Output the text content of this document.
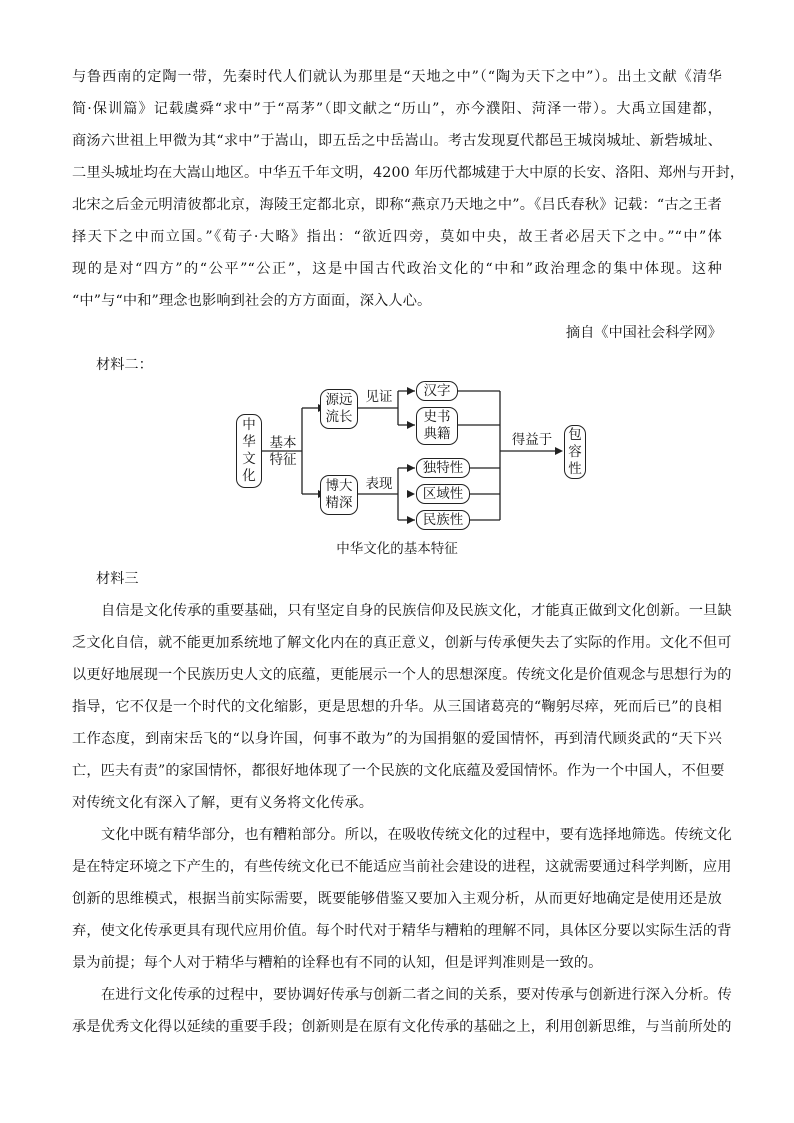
与鲁西南的定陶一带，先秦时代人们就认为那里是“天地之中”（“陶为天下之中”）。出土文献《清华
简·保训篇》记载虞舜“求中”于“鬲茅”（即文献之“历山”，亦今濮阳、菏泽一带）。大禹立国建都，
商汤六世祖上甲微为其“求中”于嵩山，即五岳之中岳嵩山。考古发现夏代都邑王城岗城址、新砦城址、
二里头城址均在大嵩山地区。中华五千年文明，4200 年历代都城建于大中原的长安、洛阳、郑州与开封，
北宋之后金元明清彼都北京，海陵王定都北京，即称“燕京乃天地之中”。《吕氏春秋》记载：“古之王者
择天下之中而立国。”《荀子·大略》指出：“欲近四旁，莫如中央，故王者必居天下之中。”“中”体
现的是对“四方”的“公平”“公正”，这是中国古代政治文化的“中和”政治理念的集中体现。这种
“中”与“中和”理念也影响到社会的方方面面，深入人心。
摘自《中国社会科学网》
材料二：
中
华
文
化
基本
特征
源远
流长
见证	汉字
史书
典籍
博大
精深
表现
独特性
区域性
民族性
得益于	包
容
性
中华文化的基本特征
材料三
自信是文化传承的重要基础，只有坚定自身的民族信仰及民族文化，才能真正做到文化创新。一旦缺
乏文化自信，就不能更加系统地了解文化内在的真正意义，创新与传承便失去了实际的作用。文化不但可
以更好地展现一个民族历史人文的底蕴，更能展示一个人的思想深度。传统文化是价值观念与思想行为的
指导，它不仅是一个时代的文化缩影，更是思想的升华。从三国诸葛亮的“鞠躬尽瘁，死而后已”的良相
工作态度，到南宋岳飞的“以身许国，何事不敢为”的为国捐躯的爱国情怀，再到清代顾炎武的“天下兴
亡，匹夫有责”的家国情怀，都很好地体现了一个民族的文化底蕴及爱国情怀。作为一个中国人，不但要
对传统文化有深入了解，更有义务将文化传承。
文化中既有精华部分，也有糟粕部分。所以，在吸收传统文化的过程中，要有选择地筛选。传统文化
是在特定环境之下产生的，有些传统文化已不能适应当前社会建设的进程，这就需要通过科学判断，应用
创新的思维模式，根据当前实际需要，既要能够借鉴又要加入主观分析，从而更好地确定是使用还是放
弃，使文化传承更具有现代应用价值。每个时代对于精华与糟粕的理解不同，具体区分要以实际生活的背
景为前提；每个人对于精华与糟粕的诠释也有不同的认知，但是评判准则是一致的。
在进行文化传承的过程中，要协调好传承与创新二者之间的关系，要对传承与创新进行深入分析。传
承是优秀文化得以延续的重要手段；创新则是在原有文化传承的基础之上，利用创新思维，与当前所处的
